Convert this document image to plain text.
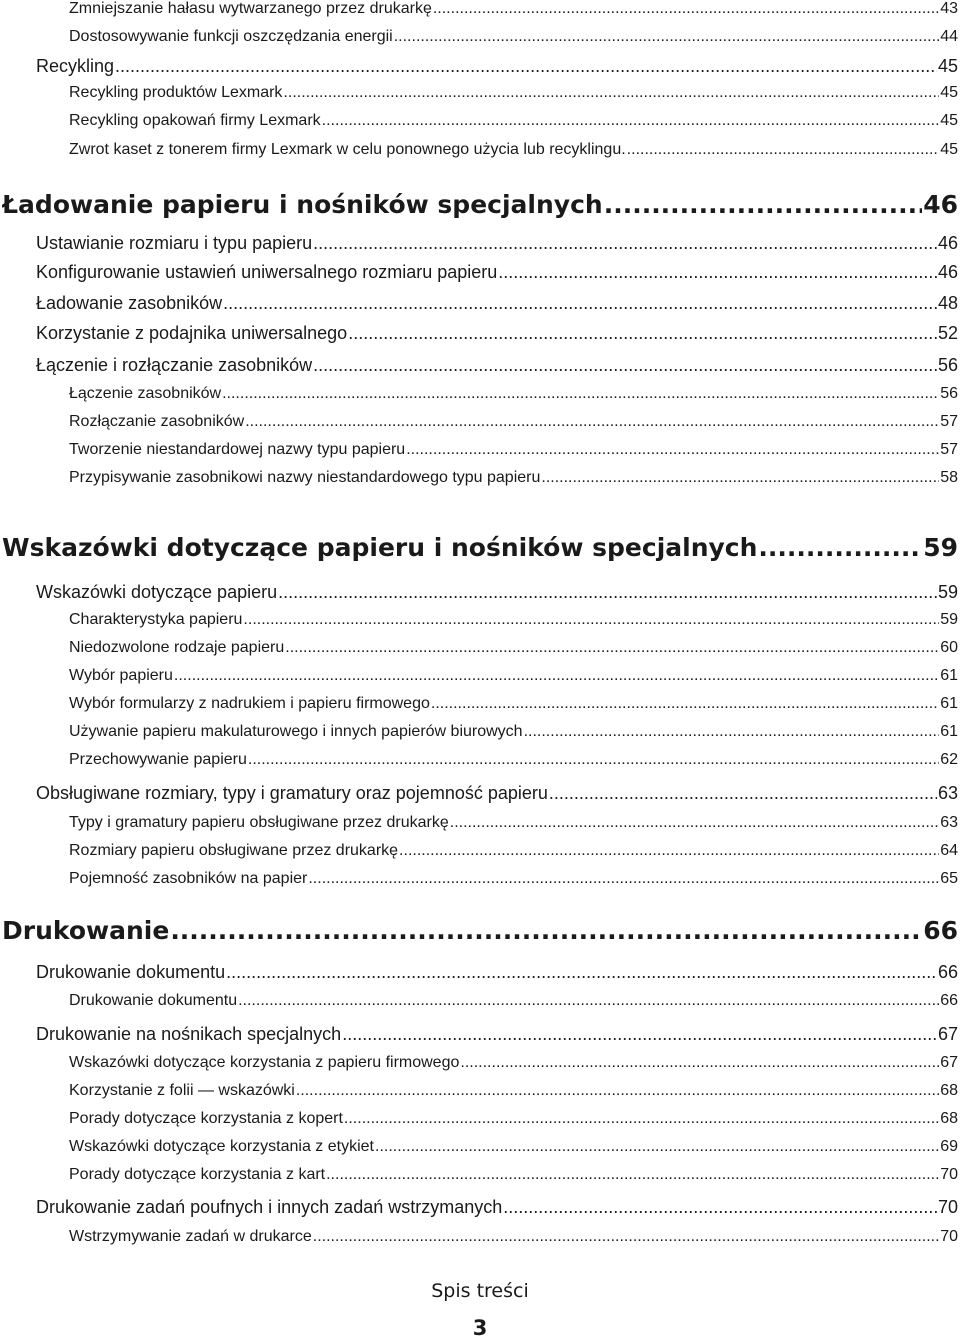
Zmniejszanie hałasu wytwarzanego przez drukarkę .....	43
Dostosowywanie funkcji oszczędzania energii .....	44
Recykling .....	45
Recykling produktów Lexmark .....	45
Recykling opakowań firmy Lexmark .....	45
Zwrot kaset z tonerem firmy Lexmark w celu ponownego użycia lub recyklingu. .....	45
Ładowanie papieru i nośników specjalnych .....	46
Ustawianie rozmiaru i typu papieru .....	46
Konfigurowanie ustawień uniwersalnego rozmiaru papieru .....	46
Ładowanie zasobników .....	48
Korzystanie z podajnika uniwersalnego .....	52
Łączenie i rozłączanie zasobników .....	56
Łączenie zasobników .....	56
Rozłączanie zasobników .....	57
Tworzenie niestandardowej nazwy typu papieru .....	57
Przypisywanie zasobnikowi nazwy niestandardowego typu papieru .....	58
Wskazówki dotyczące papieru i nośników specjalnych .....	59
Wskazówki dotyczące papieru .....	59
Charakterystyka papieru .....	59
Niedozwolone rodzaje papieru .....	60
Wybór papieru .....	61
Wybór formularzy z nadrukiem i papieru firmowego .....	61
Używanie papieru makulaturowego i innych papierów biurowych .....	61
Przechowywanie papieru .....	62
Obsługiwane rozmiary, typy i gramatury oraz pojemność papieru .....	63
Typy i gramatury papieru obsługiwane przez drukarkę .....	63
Rozmiary papieru obsługiwane przez drukarkę .....	64
Pojemność zasobników na papier .....	65
Drukowanie .....	66
Drukowanie dokumentu .....	66
Drukowanie dokumentu .....	66
Drukowanie na nośnikach specjalnych .....	67
Wskazówki dotyczące korzystania z papieru firmowego .....	67
Korzystanie z folii — wskazówki .....	68
Porady dotyczące korzystania z kopert .....	68
Wskazówki dotyczące korzystania z etykiet .....	69
Porady dotyczące korzystania z kart .....	70
Drukowanie zadań poufnych i innych zadań wstrzymanych .....	70
Wstrzymywanie zadań w drukarce .....	70
Spis treści
3
